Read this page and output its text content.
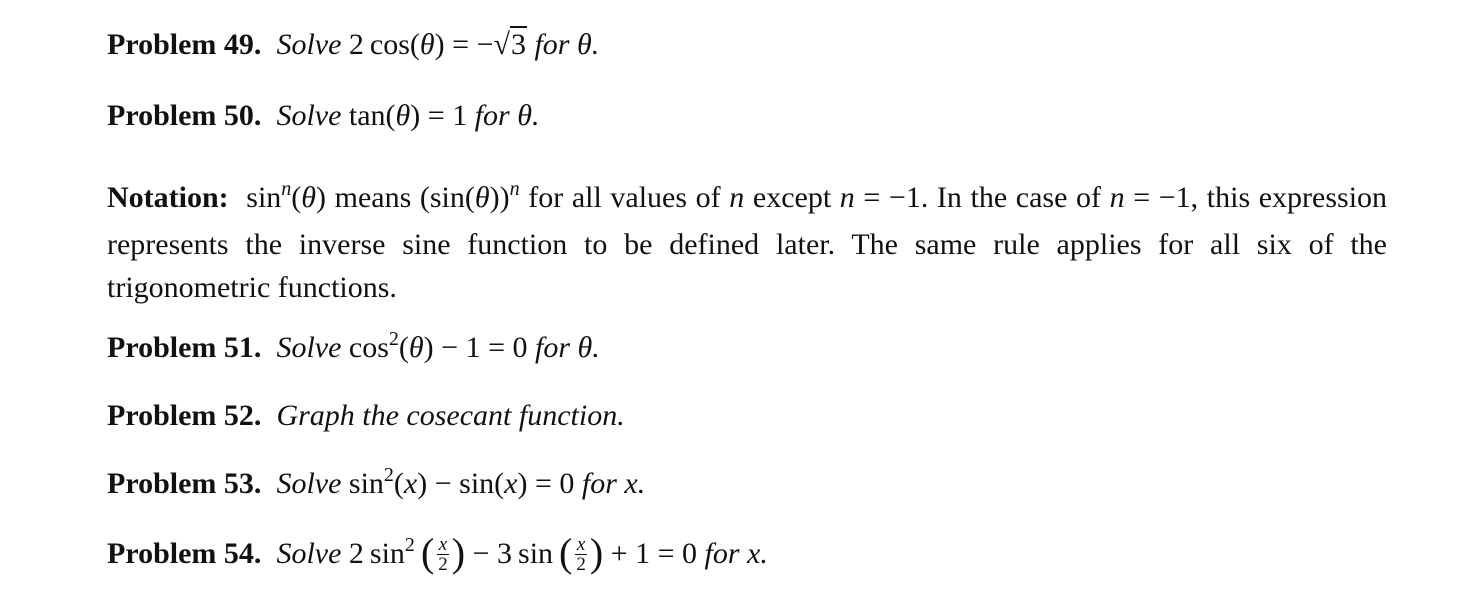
Problem 49. Solve 2 cos(θ) = −√3 for θ.
Problem 50. Solve tan(θ) = 1 for θ.
Notation: $\sin^n(\theta)$ means $(\sin(\theta))^n$ for all values of n except n = −1. In the case of n = −1, this expression represents the inverse sine function to be defined later. The same rule applies for all six of the trigonometric functions.
Problem 51. Solve $\cos^2(\theta) - 1 = 0$ for θ.
Problem 52. Graph the cosecant function.
Problem 53. Solve $\sin^2(x) - \sin(x) = 0$ for x.
Problem 54. Solve 2 $\sin^2$  ( $\frac{x}{2}$ ) − 3 sin ( $\frac{x}{2}$ ) + 1 = 0 for x.
